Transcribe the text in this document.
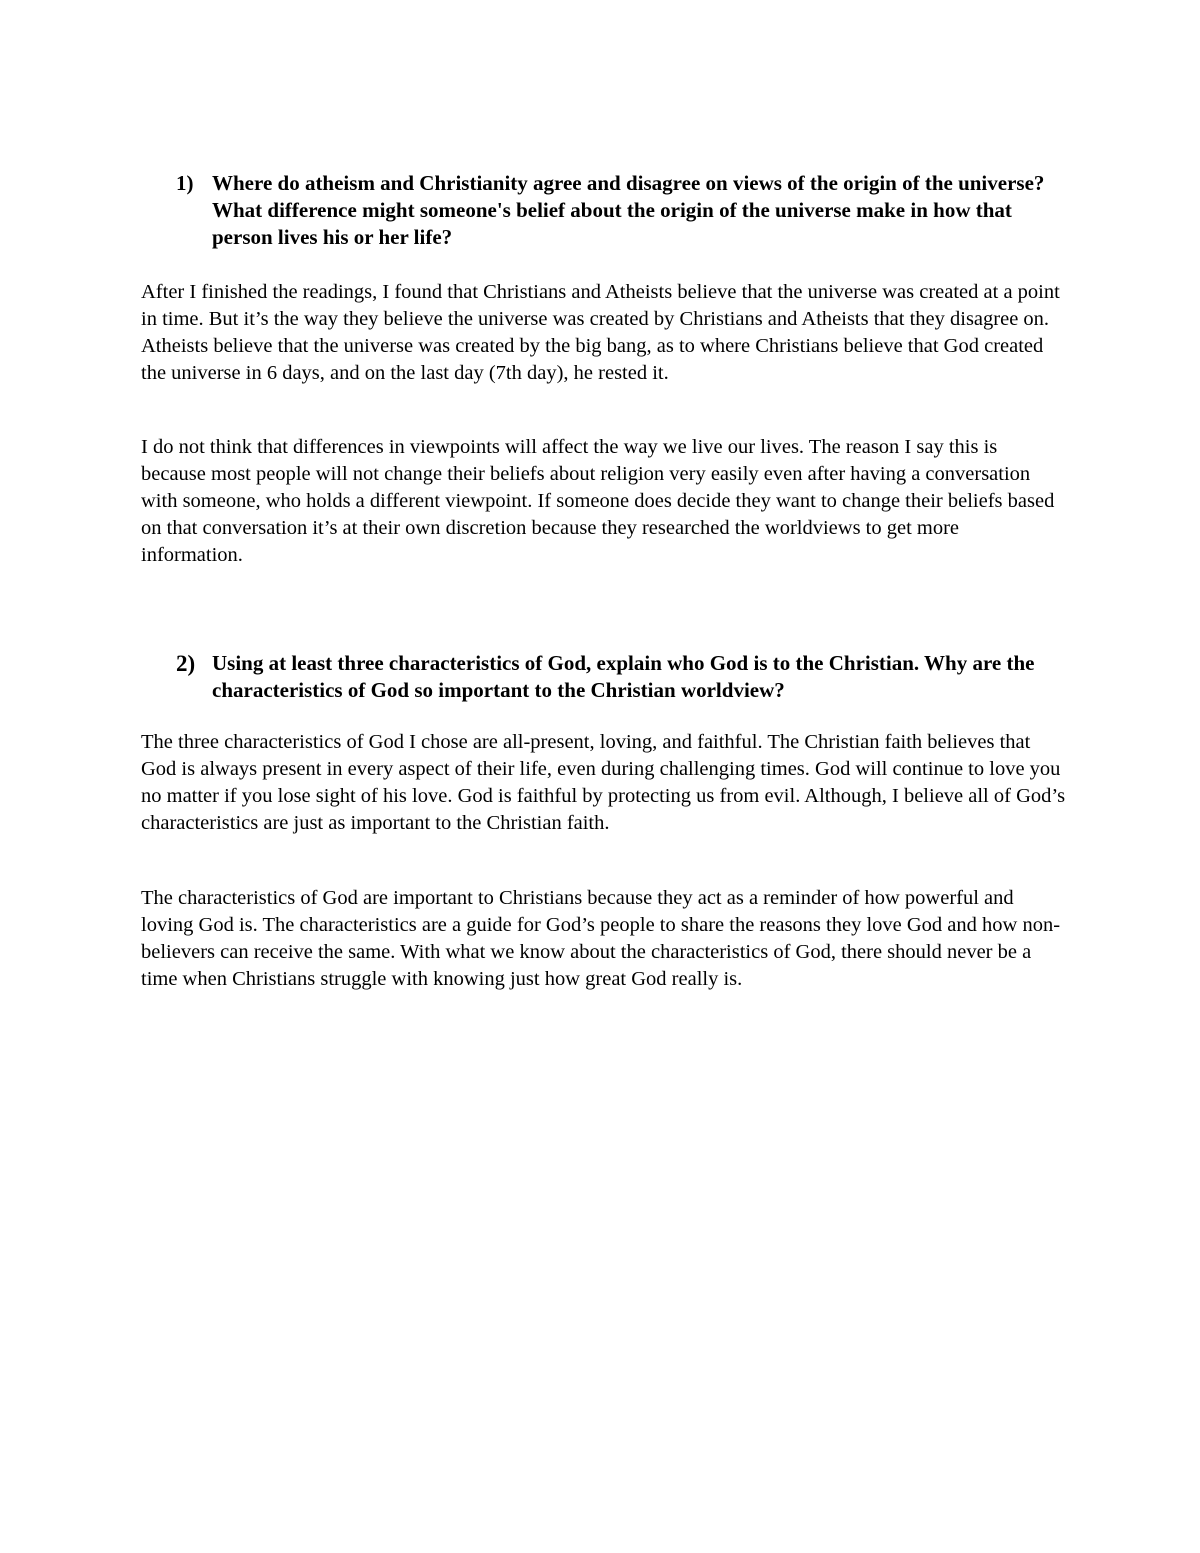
1) Where do atheism and Christianity agree and disagree on views of the origin of the universe? What difference might someone's belief about the origin of the universe make in how that person lives his or her life?

After I finished the readings, I found that Christians and Atheists believe that the universe was created at a point in time. But it’s the way they believe the universe was created by Christians and Atheists that they disagree on. Atheists believe that the universe was created by the big bang, as to where Christians believe that God created the universe in 6 days, and on the last day (7th day), he rested it.

I do not think that differences in viewpoints will affect the way we live our lives. The reason I say this is because most people will not change their beliefs about religion very easily even after having a conversation with someone, who holds a different viewpoint. If someone does decide they want to change their beliefs based on that conversation it’s at their own discretion because they researched the worldviews to get more information.

2) Using at least three characteristics of God, explain who God is to the Christian. Why are the characteristics of God so important to the Christian worldview?

The three characteristics of God I chose are all-present, loving, and faithful. The Christian faith believes that God is always present in every aspect of their life, even during challenging times. God will continue to love you no matter if you lose sight of his love. God is faithful by protecting us from evil. Although, I believe all of God’s characteristics are just as important to the Christian faith.

The characteristics of God are important to Christians because they act as a reminder of how powerful and loving God is. The characteristics are a guide for God’s people to share the reasons they love God and how non-believers can receive the same. With what we know about the characteristics of God, there should never be a time when Christians struggle with knowing just how great God really is.
